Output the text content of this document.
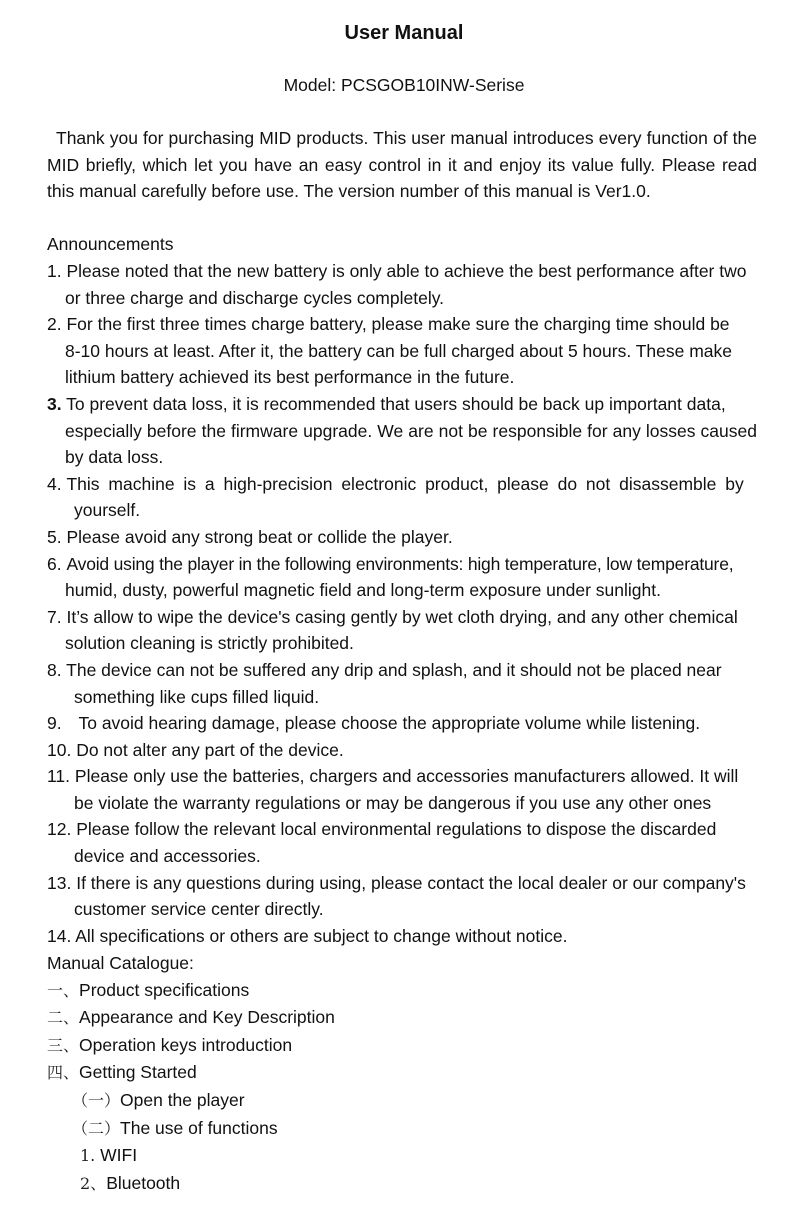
User Manual
Model: PCSGOB10INW-Serise
Thank you for purchasing MID products. This user manual introduces every function of the MID briefly, which let you have an easy control in it and enjoy its value fully. Please read this manual carefully before use. The version number of this manual is Ver1.0.
Announcements
1. Please noted that the new battery is only able to achieve the best performance after two
or three charge and discharge cycles completely.
2. For the first three times charge battery, please make sure the charging time should be
8-10 hours at least. After it, the battery can be full charged about 5 hours. These make lithium battery achieved its best performance in the future.
3. To prevent data loss, it is recommended that users should be back up important data,
especially before the firmware upgrade. We are not be responsible for any losses caused by data loss.
4. This machine is a high-precision electronic product, please do not disassemble by
yourself.
5. Please avoid any strong beat or collide the player.
6. Avoid using the player in the following environments: high temperature, low temperature,
humid, dusty, powerful magnetic field and long-term exposure under sunlight.
7. It’s allow to wipe the device's casing gently by wet cloth drying, and any other chemical
solution cleaning is strictly prohibited.
8. The device can not be suffered any drip and splash, and it should not be placed near
something like cups filled liquid.
9. To avoid hearing damage, please choose the appropriate volume while listening.
10. Do not alter any part of the device.
11. Please only use the batteries, chargers and accessories manufacturers allowed. It will
be violate the warranty regulations or may be dangerous if you use any other ones
12. Please follow the relevant local environmental regulations to dispose the discarded
device and accessories.
13. If there is any questions during using, please contact the local dealer or our company's
customer service center directly.
14. All specifications or others are subject to change without notice.
Manual Catalogue:
一、Product specifications
二、Appearance and Key Description
三、Operation keys introduction
四、Getting Started
（一）Open the player
（二）The use of functions
1. WIFI
2、Bluetooth
